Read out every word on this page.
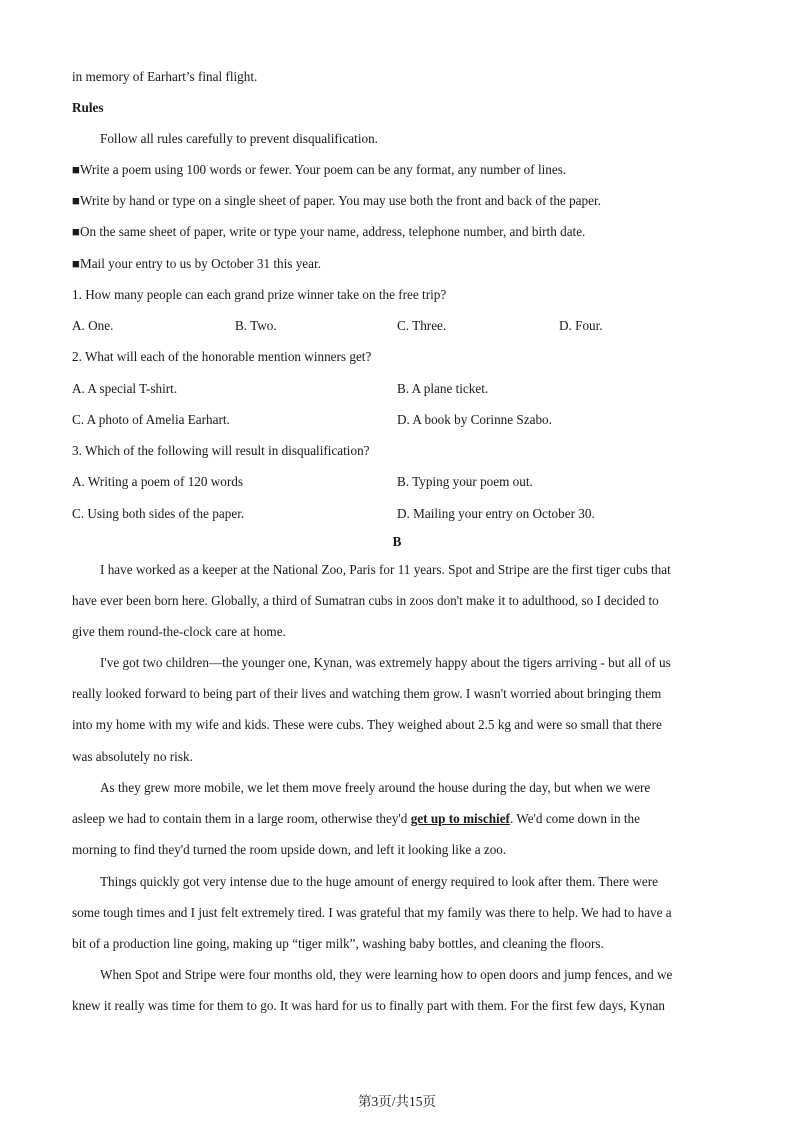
in memory of Earhart’s final flight.
Rules
Follow all rules carefully to prevent disqualification.
■Write a poem using 100 words or fewer. Your poem can be any format, any number of lines.
■Write by hand or type on a single sheet of paper. You may use both the front and back of the paper.
■On the same sheet of paper, write or type your name, address, telephone number, and birth date.
■Mail your entry to us by October 31 this year.
1. How many people can each grand prize winner take on the free trip?
A. One.	B. Two.	C. Three.	D. Four.
2. What will each of the honorable mention winners get?
A. A special T-shirt.	B. A plane ticket.
C. A photo of Amelia Earhart.	D. A book by Corinne Szabo.
3. Which of the following will result in disqualification?
A. Writing a poem of 120 words	B. Typing your poem out.
C. Using both sides of the paper.	D. Mailing your entry on October 30.
B
I have worked as a keeper at the National Zoo, Paris for 11 years. Spot and Stripe are the first tiger cubs that
have ever been born here. Globally, a third of Sumatran cubs in zoos don't make it to adulthood, so I decided to
give them round-the-clock care at home.
I've got two children—the younger one, Kynan, was extremely happy about the tigers arriving - but all of us
really looked forward to being part of their lives and watching them grow. I wasn't worried about bringing them
into my home with my wife and kids. These were cubs. They weighed about 2.5 kg and were so small that there
was absolutely no risk.
As they grew more mobile, we let them move freely around the house during the day, but when we were
asleep we had to contain them in a large room, otherwise they'd get up to mischief. We'd come down in the
morning to find they'd turned the room upside down, and left it looking like a zoo.
Things quickly got very intense due to the huge amount of energy required to look after them. There were
some tough times and I just felt extremely tired. I was grateful that my family was there to help. We had to have a
bit of a production line going, making up “tiger milk”, washing baby bottles, and cleaning the floors.
When Spot and Stripe were four months old, they were learning how to open doors and jump fences, and we
knew it really was time for them to go. It was hard for us to finally part with them. For the first few days, Kynan
第3页/共15页
